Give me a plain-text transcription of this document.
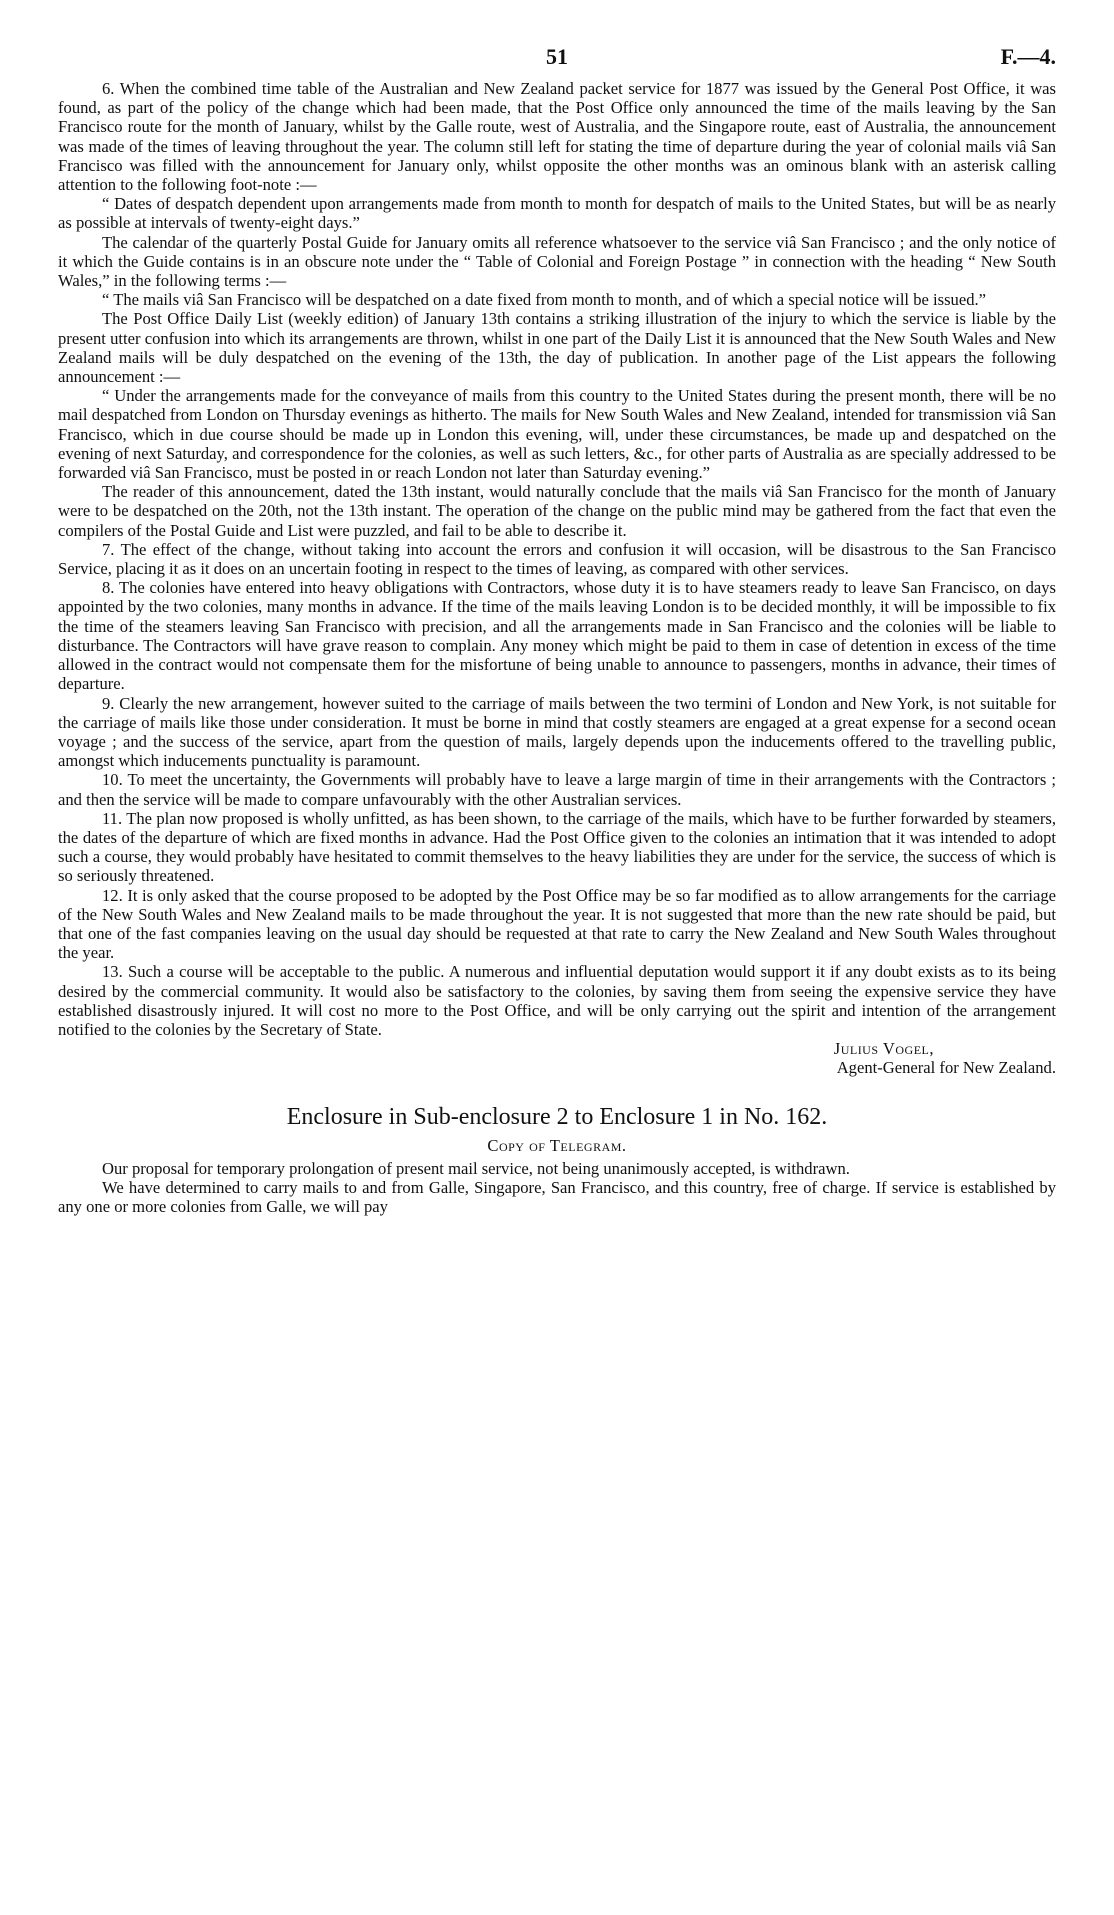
51	F.—4.

6. When the combined time table of the Australian and New Zealand packet service for 1877 was issued by the General Post Office, it was found, as part of the policy of the change which had been made, that the Post Office only announced the time of the mails leaving by the San Francisco route for the month of January, whilst by the Galle route, west of Australia, and the Singapore route, east of Australia, the announcement was made of the times of leaving throughout the year. The column still left for stating the time of departure during the year of colonial mails viâ San Francisco was filled with the announcement for January only, whilst opposite the other months was an ominous blank with an asterisk calling attention to the following foot-note :—

“ Dates of despatch dependent upon arrangements made from month to month for despatch of mails to the United States, but will be as nearly as possible at intervals of twenty-eight days.”

The calendar of the quarterly Postal Guide for January omits all reference whatsoever to the service viâ San Francisco ; and the only notice of it which the Guide contains is in an obscure note under the “ Table of Colonial and Foreign Postage ” in connection with the heading “ New South Wales,” in the following terms :—

“ The mails viâ San Francisco will be despatched on a date fixed from month to month, and of which a special notice will be issued.”

The Post Office Daily List (weekly edition) of January 13th contains a striking illustration of the injury to which the service is liable by the present utter confusion into which its arrangements are thrown, whilst in one part of the Daily List it is announced that the New South Wales and New Zealand mails will be duly despatched on the evening of the 13th, the day of publication. In another page of the List appears the following announcement :—

“ Under the arrangements made for the conveyance of mails from this country to the United States during the present month, there will be no mail despatched from London on Thursday evenings as hitherto. The mails for New South Wales and New Zealand, intended for transmission viâ San Francisco, which in due course should be made up in London this evening, will, under these circumstances, be made up and despatched on the evening of next Saturday, and correspondence for the colonies, as well as such letters, &c., for other parts of Australia as are specially addressed to be forwarded viâ San Francisco, must be posted in or reach London not later than Saturday evening.”

The reader of this announcement, dated the 13th instant, would naturally conclude that the mails viâ San Francisco for the month of January were to be despatched on the 20th, not the 13th instant. The operation of the change on the public mind may be gathered from the fact that even the compilers of the Postal Guide and List were puzzled, and fail to be able to describe it.

7. The effect of the change, without taking into account the errors and confusion it will occasion, will be disastrous to the San Francisco Service, placing it as it does on an uncertain footing in respect to the times of leaving, as compared with other services.

8. The colonies have entered into heavy obligations with Contractors, whose duty it is to have steamers ready to leave San Francisco, on days appointed by the two colonies, many months in advance. If the time of the mails leaving London is to be decided monthly, it will be impossible to fix the time of the steamers leaving San Francisco with precision, and all the arrangements made in San Francisco and the colonies will be liable to disturbance. The Contractors will have grave reason to complain. Any money which might be paid to them in case of detention in excess of the time allowed in the contract would not compensate them for the misfortune of being unable to announce to passengers, months in advance, their times of departure.

9. Clearly the new arrangement, however suited to the carriage of mails between the two termini of London and New York, is not suitable for the carriage of mails like those under consideration. It must be borne in mind that costly steamers are engaged at a great expense for a second ocean voyage ; and the success of the service, apart from the question of mails, largely depends upon the inducements offered to the travelling public, amongst which inducements punctuality is paramount.

10. To meet the uncertainty, the Governments will probably have to leave a large margin of time in their arrangements with the Contractors ; and then the service will be made to compare unfavourably with the other Australian services.

11. The plan now proposed is wholly unfitted, as has been shown, to the carriage of the mails, which have to be further forwarded by steamers, the dates of the departure of which are fixed months in advance. Had the Post Office given to the colonies an intimation that it was intended to adopt such a course, they would probably have hesitated to commit themselves to the heavy liabilities they are under for the service, the success of which is so seriously threatened.

12. It is only asked that the course proposed to be adopted by the Post Office may be so far modified as to allow arrangements for the carriage of the New South Wales and New Zealand mails to be made throughout the year. It is not suggested that more than the new rate should be paid, but that one of the fast companies leaving on the usual day should be requested at that rate to carry the New Zealand and New South Wales throughout the year.

13. Such a course will be acceptable to the public. A numerous and influential deputation would support it if any doubt exists as to its being desired by the commercial community. It would also be satisfactory to the colonies, by saving them from seeing the expensive service they have established disastrously injured. It will cost no more to the Post Office, and will be only carrying out the spirit and intention of the arrangement notified to the colonies by the Secretary of State.

Julius Vogel,
Agent-General for New Zealand.
Enclosure in Sub-enclosure 2 to Enclosure 1 in No. 162.
Copy of Telegram.

Our proposal for temporary prolongation of present mail service, not being unanimously accepted, is withdrawn.

We have determined to carry mails to and from Galle, Singapore, San Francisco, and this country, free of charge. If service is established by any one or more colonies from Galle, we will pay
